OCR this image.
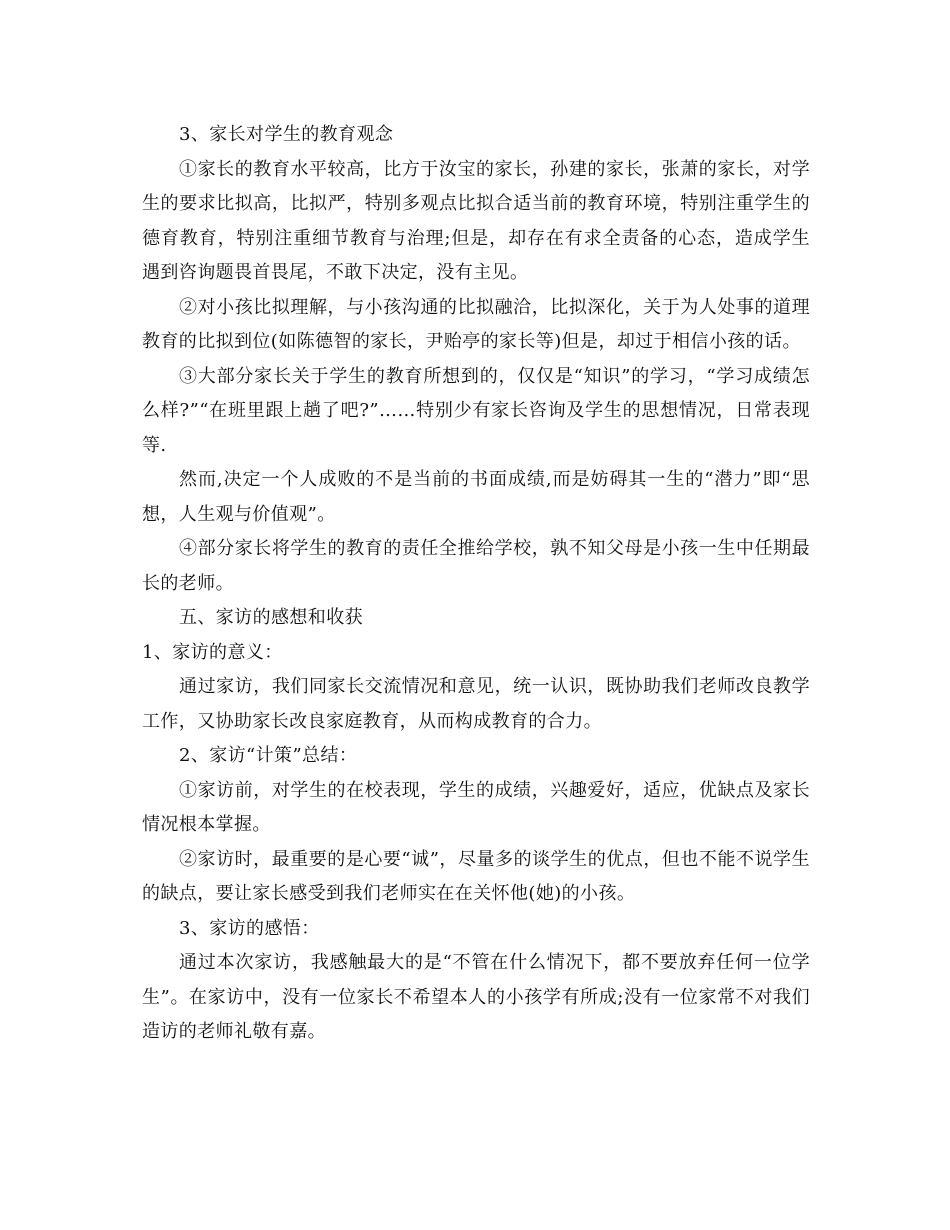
3、家长对学生的教育观念

①家长的教育水平较高，比方于汝宝的家长，孙建的家长，张萧的家长，对学生的要求比拟高，比拟严，特别多观点比拟合适当前的教育环境，特别注重学生的德育教育，特别注重细节教育与治理;但是，却存在有求全责备的心态，造成学生遇到咨询题畏首畏尾，不敢下决定，没有主见。

②对小孩比拟理解，与小孩沟通的比拟融洽，比拟深化，关于为人处事的道理教育的比拟到位(如陈德智的家长，尹贻亭的家长等)但是，却过于相信小孩的话。

③大部分家长关于学生的教育所想到的，仅仅是“知识”的学习，“学习成绩怎么样?”“在班里跟上趟了吧?”……特别少有家长咨询及学生的思想情况，日常表现等.

然而,决定一个人成败的不是当前的书面成绩,而是妨碍其一生的“潜力”即“思想，人生观与价值观”。

④部分家长将学生的教育的责任全推给学校，孰不知父母是小孩一生中任期最长的老师。

五、家访的感想和收获

1、家访的意义：

通过家访，我们同家长交流情况和意见，统一认识，既协助我们老师改良教学工作，又协助家长改良家庭教育，从而构成教育的合力。

2、家访“计策”总结：

①家访前，对学生的在校表现，学生的成绩，兴趣爱好，适应，优缺点及家长情况根本掌握。

②家访时，最重要的是心要“诚”，尽量多的谈学生的优点，但也不能不说学生的缺点，要让家长感受到我们老师实在在关怀他(她)的小孩。

3、家访的感悟：

通过本次家访，我感触最大的是“不管在什么情况下，都不要放弃任何一位学生”。在家访中，没有一位家长不希望本人的小孩学有所成;没有一位家常不对我们造访的老师礼敬有嘉。
